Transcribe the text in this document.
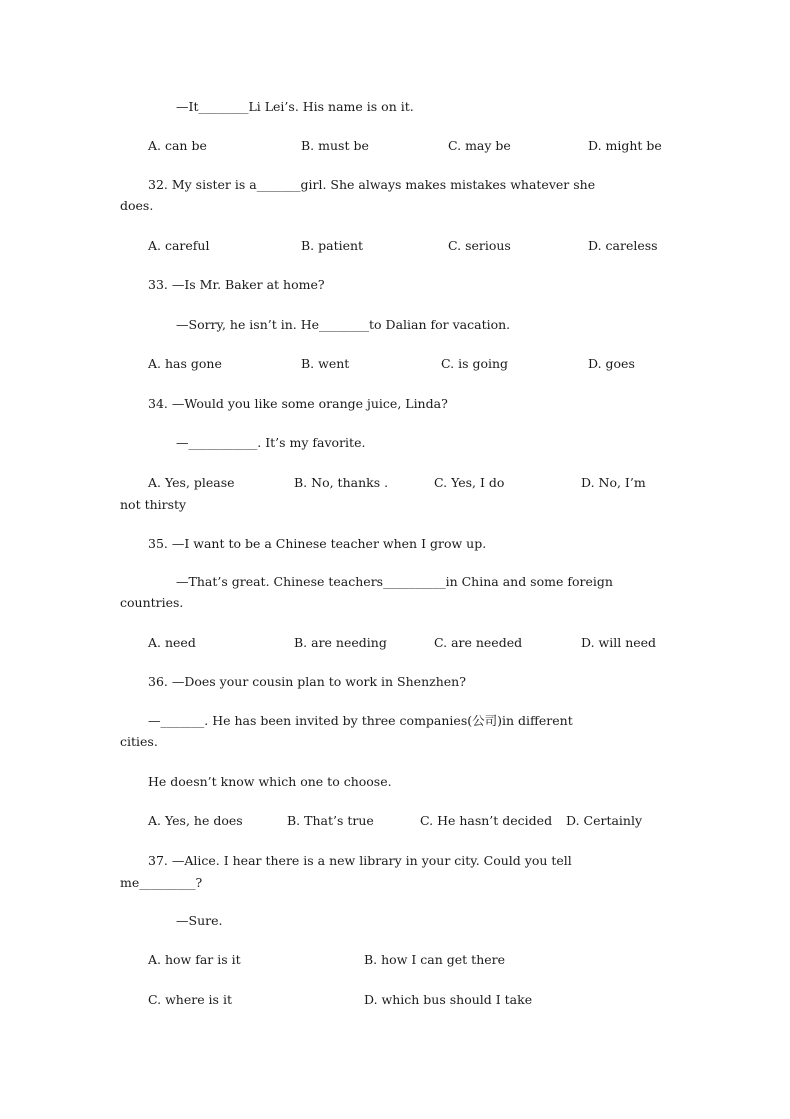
—It________Li Lei’s. His name is on it.
A. can be	B. must be	C. may be	D. might be
32. My sister is a_______girl. She always makes mistakes whatever she
does.
A. careful	B. patient	C. serious	D. careless
33. —Is Mr. Baker at home?
—Sorry, he isn’t in. He________to Dalian for vacation.
A. has gone	B. went	C. is going	D. goes
34. —Would you like some orange juice, Linda?
—___________. It’s my favorite.
A. Yes, please	B. No, thanks .	C. Yes, I do	D. No, I’m
not thirsty
35. —I want to be a Chinese teacher when I grow up.
—That’s great. Chinese teachers__________in China and some foreign
countries.
A. need	B. are needing	C. are needed	D. will need
36. —Does your cousin plan to work in Shenzhen?
—_______. He has been invited by three companies(公司)in different
cities.
He doesn’t know which one to choose.
A. Yes, he does	B. That’s true	C. He hasn’t decided D. Certainly
37. —Alice. I hear there is a new library in your city. Could you tell
me_________?
—Sure.
A. how far is it	B. how I can get there
C. where is it	D. which bus should I take
